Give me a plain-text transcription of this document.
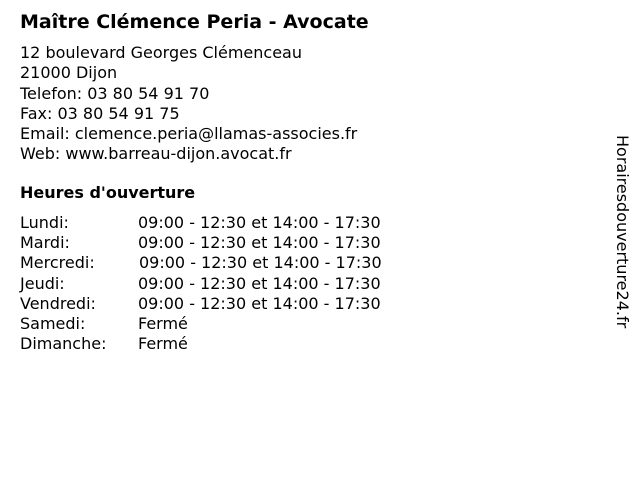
Maître Clémence Peria - Avocate
12 boulevard Georges Clémenceau
21000 Dijon
Telefon: 03 80 54 91 70
Fax: 03 80 54 91 75
Email: clemence.peria@llamas-associes.fr
Web: www.barreau-dijon.avocat.fr
Heures d'ouverture
Lundi:	09:00 - 12:30 et 14:00 - 17:30
Mardi:	09:00 - 12:30 et 14:00 - 17:30
Mercredi:	09:00 - 12:30 et 14:00 - 17:30
Jeudi:	09:00 - 12:30 et 14:00 - 17:30
Vendredi:	09:00 - 12:30 et 14:00 - 17:30
Samedi:	Fermé
Dimanche: Fermé
Horairesdouverture24.fr
